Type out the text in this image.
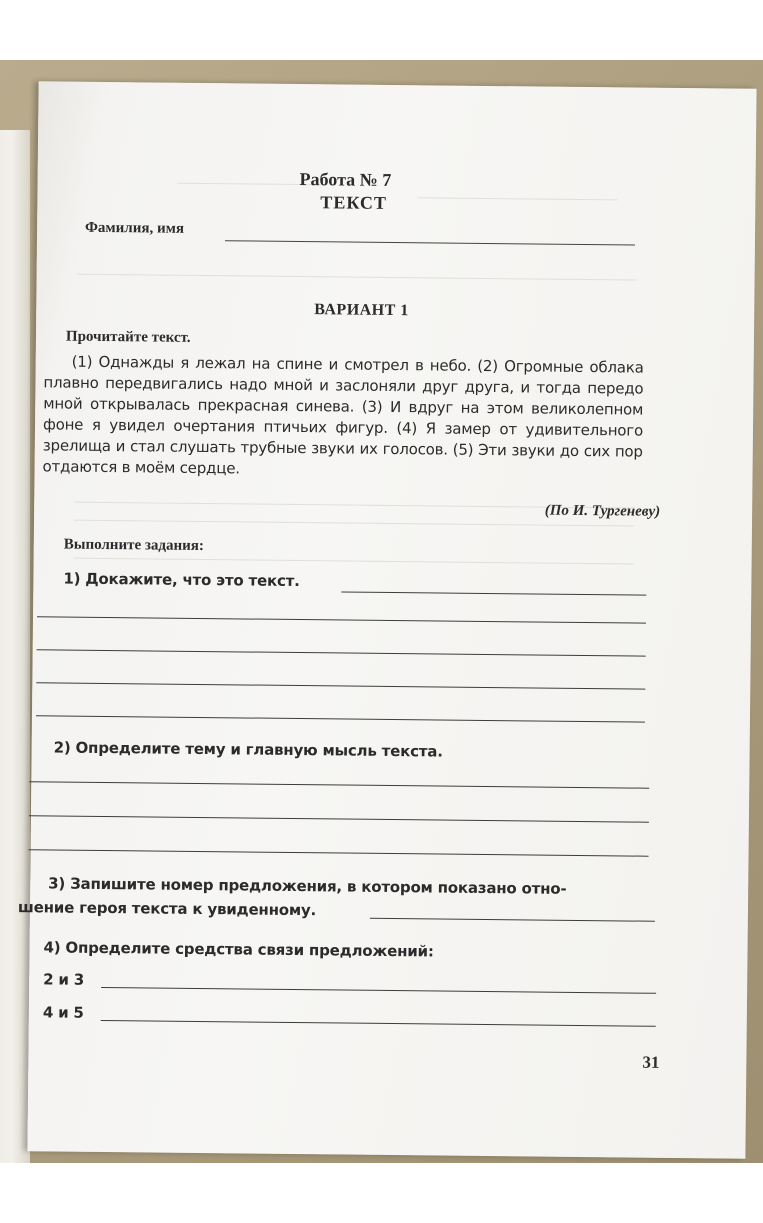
Работа № 7
ТЕКСТ
Фамилия, имя
ВАРИАНТ 1
Прочитайте текст.
(1) Однажды я лежал на спине и смотрел в небо. (2) Огромные облака плавно передвигались надо мной и заслоняли друг друга, и тогда передо мной открывалась прекрасная синева. (3) И вдруг на этом великолепном фоне я увидел очертания птичьих фигур. (4) Я замер от удивительного зрелища и стал слушать трубные звуки их голосов. (5) Эти звуки до сих пор отдаются в моём сердце.
(По И. Тургеневу)
Выполните задания:
1) Докажите, что это текст.
2) Определите тему и главную мысль текста.
3) Запишите номер предложения, в котором показано отно-
шение героя текста к увиденному.
4) Определите средства связи предложений:
2 и 3
4 и 5
31
